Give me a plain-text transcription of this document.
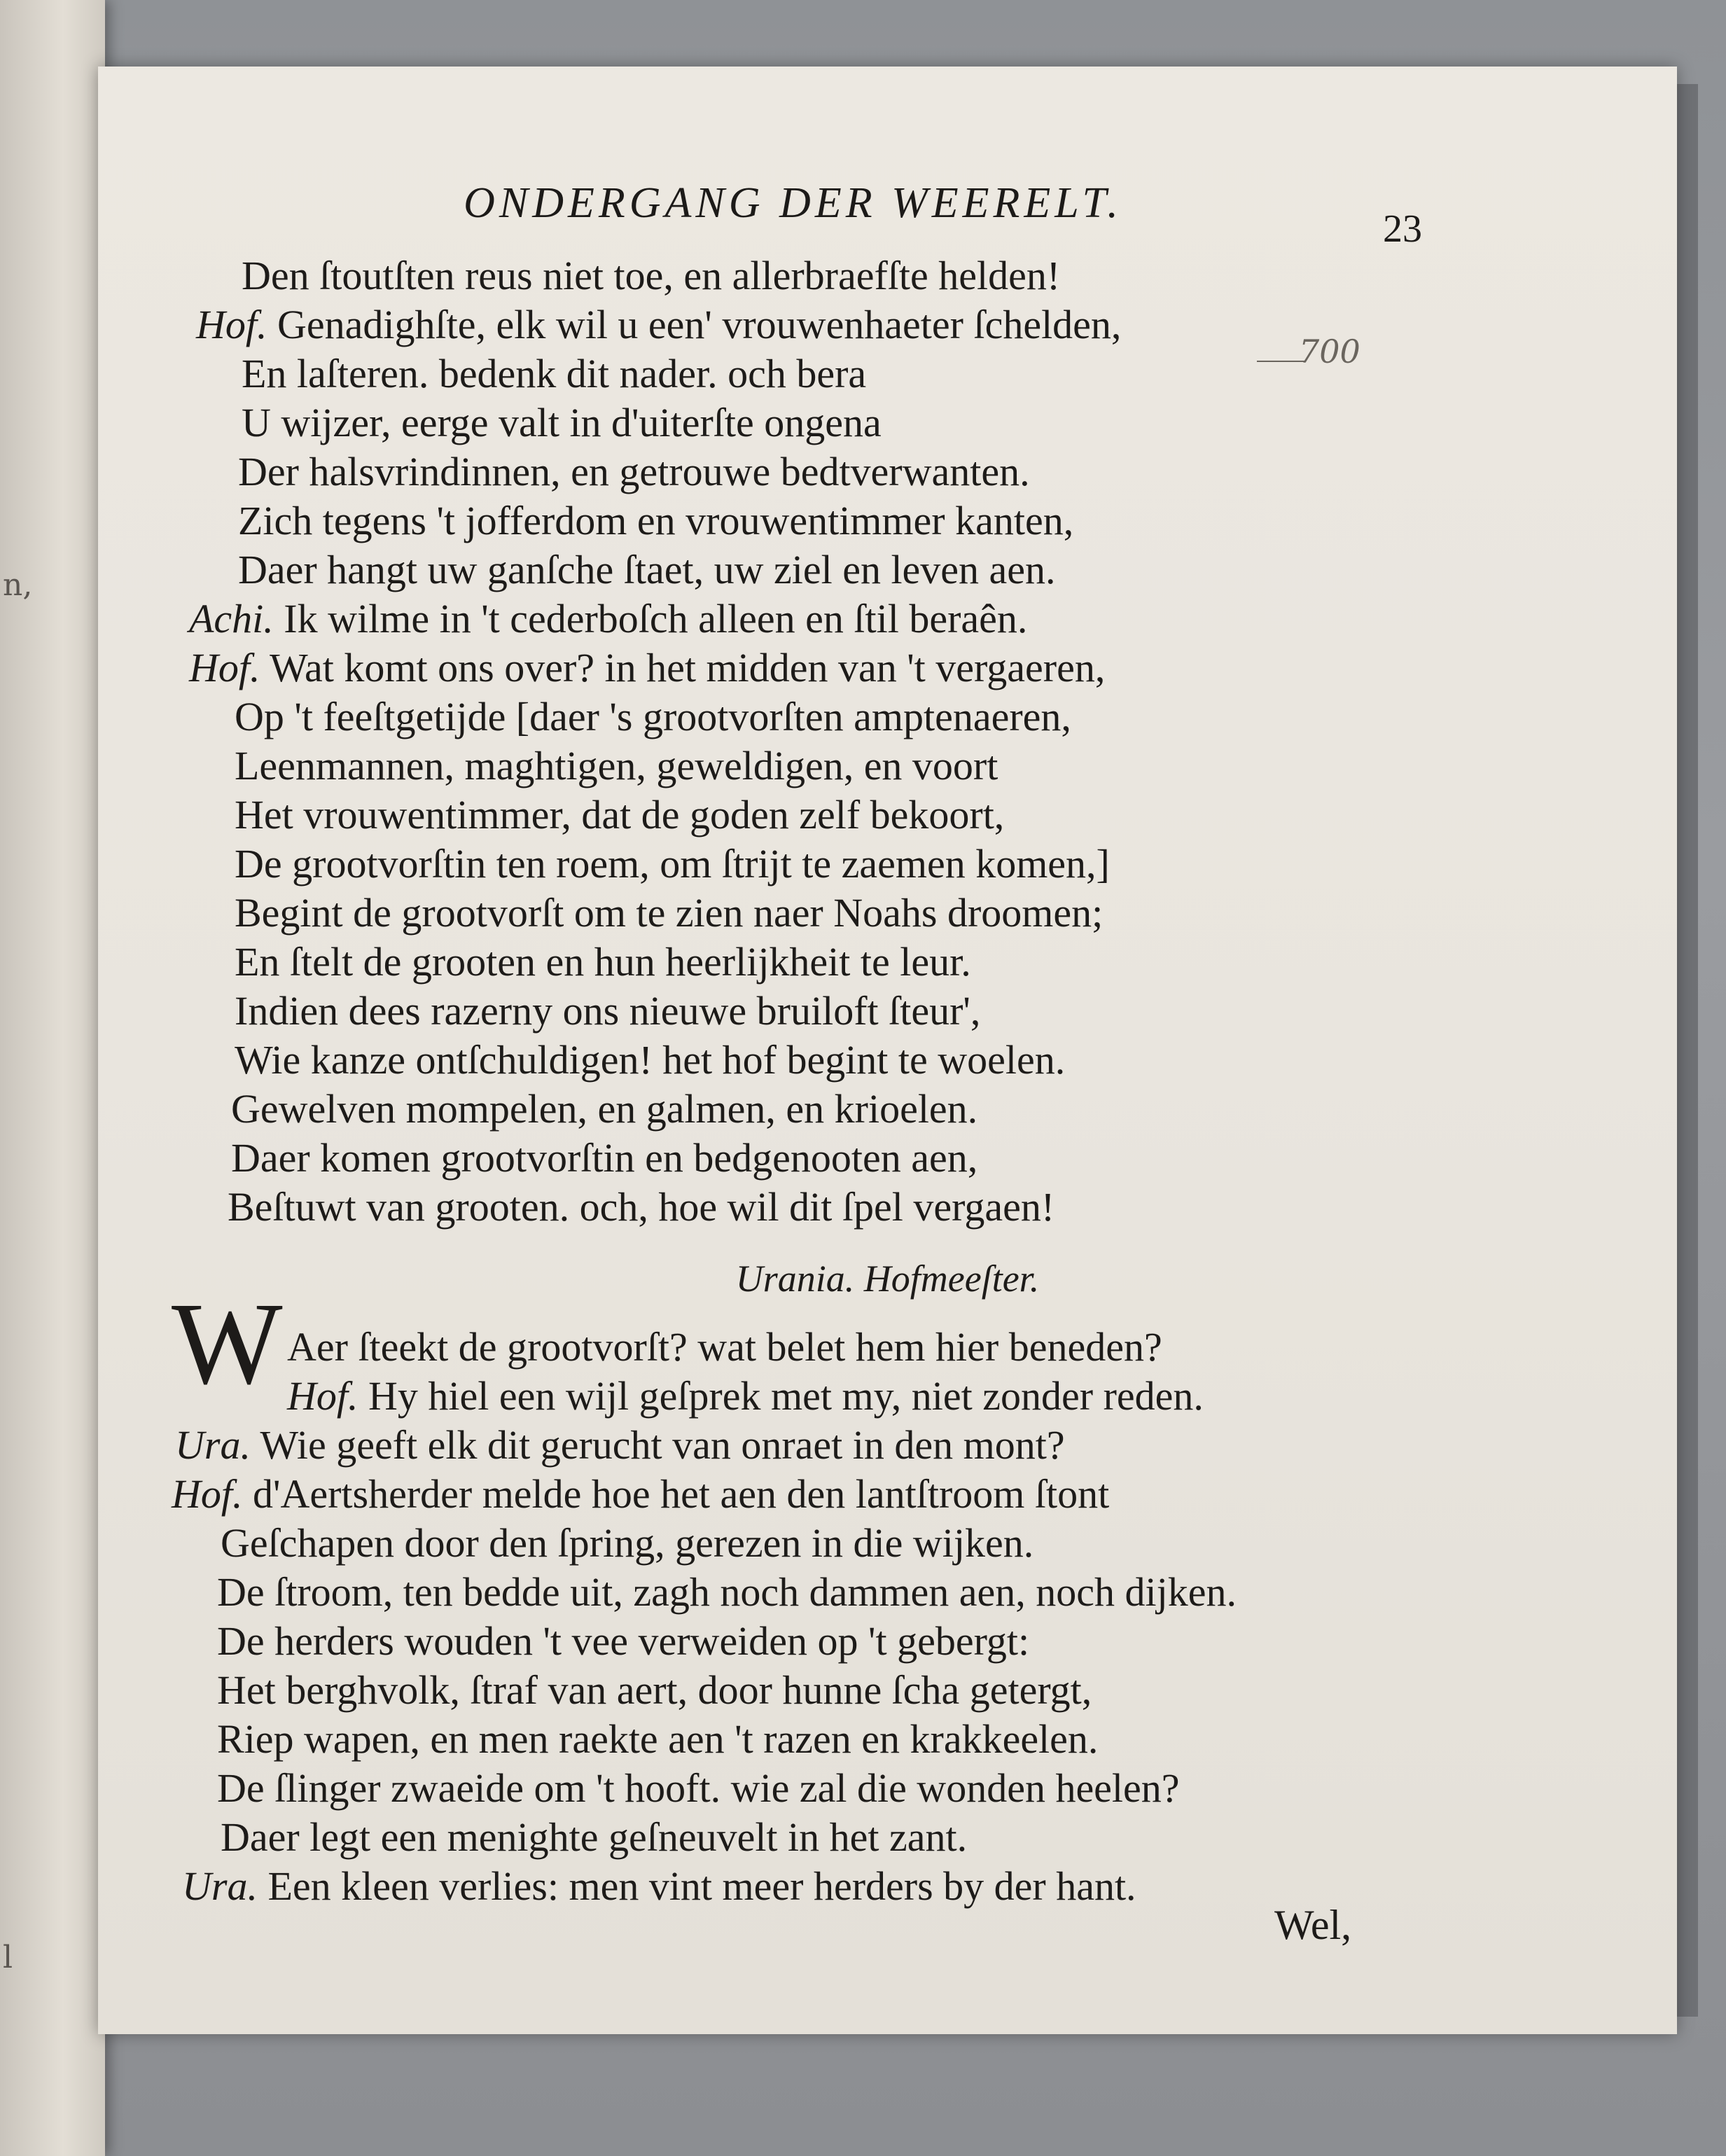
n,
l
ONDERGANG DER WEERELT.
23
700
Den ſtoutſten reus niet toe, en allerbraefſte helden!
Hof. Genadighſte, elk wil u een' vrouwenhaeter ſchelden,
En laſteren. bedenk dit nader. och bera
U wijzer, eerge valt in d'uiterſte ongena
Der halsvrindinnen, en getrouwe bedtverwanten.
Zich tegens 't jofferdom en vrouwentimmer kanten,
Daer hangt uw ganſche ſtaet, uw ziel en leven aen.
Achi. Ik wilme in 't cederboſch alleen en ſtil beraên.
Hof. Wat komt ons over? in het midden van 't vergaeren,
Op 't feeſtgetijde [daer 's grootvorſten amptenaeren,
Leenmannen, maghtigen, geweldigen, en voort
Het vrouwentimmer, dat de goden zelf bekoort,
De grootvorſtin ten roem, om ſtrijt te zaemen komen,]
Begint de grootvorſt om te zien naer Noahs droomen;
En ſtelt de grooten en hun heerlijkheit te leur.
Indien dees razerny ons nieuwe bruiloft ſteur',
Wie kanze ontſchuldigen! het hof begint te woelen.
Gewelven mompelen, en galmen, en krioelen.
Daer komen grootvorſtin en bedgenooten aen,
Beſtuwt van grooten. och, hoe wil dit ſpel vergaen!
Urania. Hofmeeſter.
W Aer ſteekt de grootvorſt? wat belet hem hier beneden?
Hof. Hy hiel een wijl geſprek met my, niet zonder reden.
Ura. Wie geeft elk dit gerucht van onraet in den mont?
Hof. d'Aertsherder melde hoe het aen den lantſtroom ſtont
Geſchapen door den ſpring, gerezen in die wijken.
De ſtroom, ten bedde uit, zagh noch dammen aen, noch dijken.
De herders wouden 't vee verweiden op 't gebergt:
Het berghvolk, ſtraf van aert, door hunne ſcha getergt,
Riep wapen, en men raekte aen 't razen en krakkeelen.
De ſlinger zwaeide om 't hooft. wie zal die wonden heelen?
Daer legt een menighte geſneuvelt in het zant.
Ura. Een kleen verlies: men vint meer herders by der hant.
Wel,
